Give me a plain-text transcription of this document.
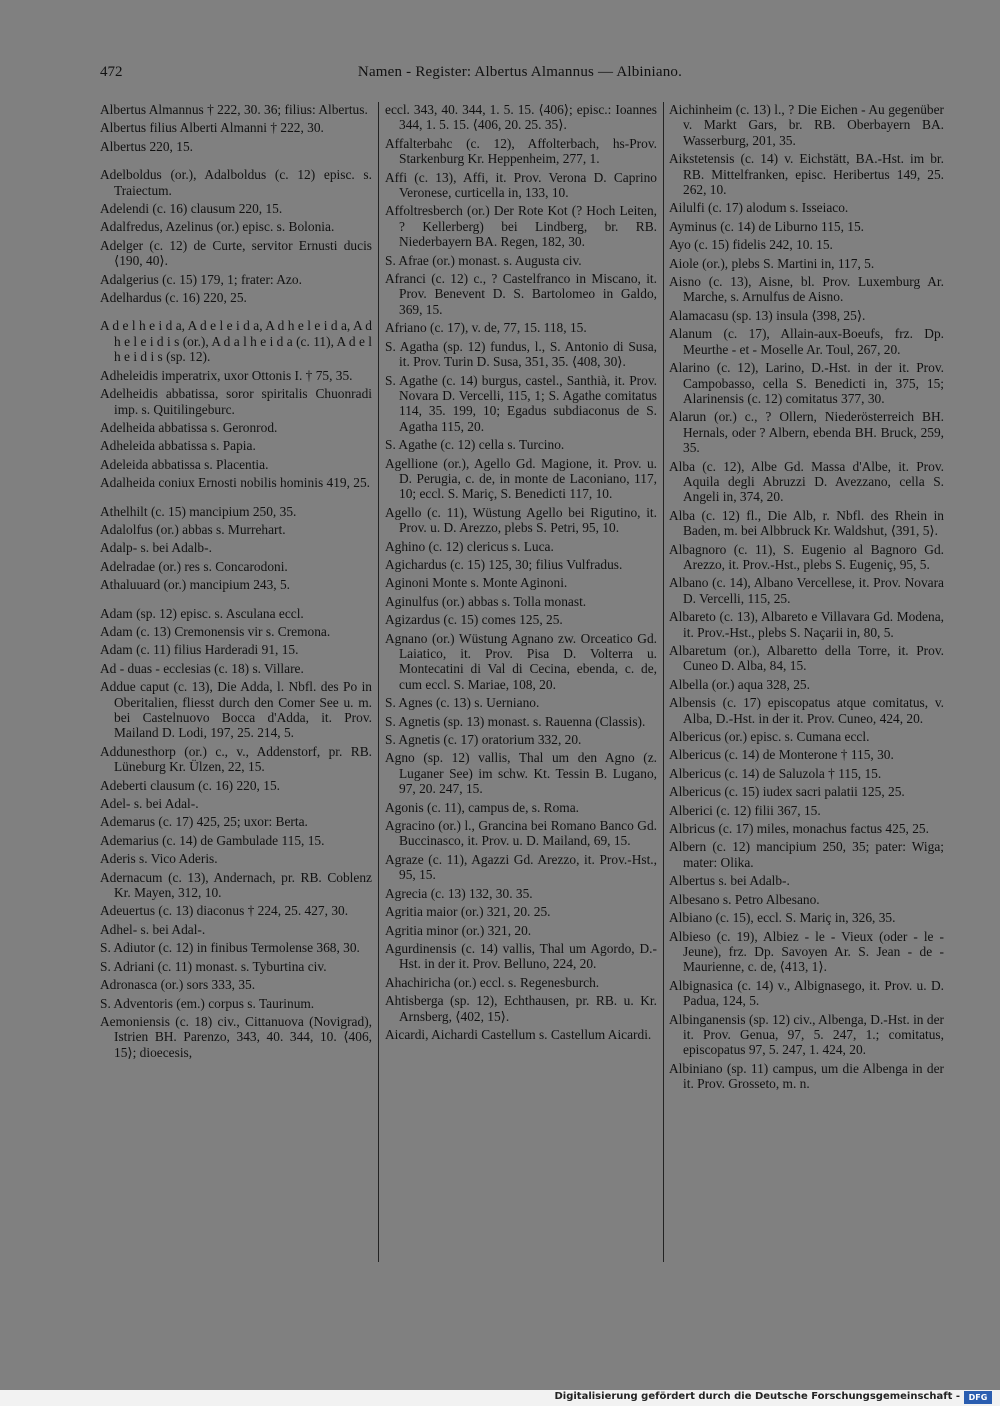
472	Namen - Register: Albertus Almannus — Albiniano.

Albertus Almannus † 222, 30. 36; filius: Albertus.

Albertus filius Alberti Almanni † 222, 30.

Albertus 220, 15.

Adelboldus (or.), Adalboldus (c. 12) episc. s. Traiectum.

Adelendi (c. 16) clausum 220, 15.

Adalfredus, Azelinus (or.) episc. s. Bolonia.

Adelger (c. 12) de Curte, servitor Ernusti ducis ⟨190, 40⟩.

Adalgerius (c. 15) 179, 1; frater: Azo.

Adelhardus (c. 16) 220, 25.

A d e l h e i d a, A d e l e i d a, A d h e l e i d a, A d h e l e i d i s (or.), A d a l h e i d a (c. 11), A d e l h e i d i s (sp. 12).

Adheleidis imperatrix, uxor Ottonis I. † 75, 35.

Adelheidis abbatissa, soror spiritalis Chuonradi imp. s. Quitilingeburc.

Adelheida abbatissa s. Geronrod.

Adheleida abbatissa s. Papia.

Adeleida abbatissa s. Placentia.

Adalheida coniux Ernosti nobilis hominis 419, 25.

Athelhilt (c. 15) mancipium 250, 35.

Adalolfus (or.) abbas s. Murrehart.

Adalp- s. bei Adalb-.

Adelradae (or.) res s. Concarodoni.

Athaluuard (or.) mancipium 243, 5.

Adam (sp. 12) episc. s. Asculana eccl.

Adam (c. 13) Cremonensis vir s. Cremona.

Adam (c. 11) filius Harderadi 91, 15.

Ad - duas - ecclesias (c. 18) s. Villare.

Addue caput (c. 13), Die Adda, l. Nbfl. des Po in Oberitalien, fliesst durch den Comer See u. m. bei Castelnuovo Bocca d'Adda, it. Prov. Mailand D. Lodi, 197, 25. 214, 5.

Addunesthorp (or.) c., v., Addenstorf, pr. RB. Lüneburg Kr. Ülzen, 22, 15.

Adeberti clausum (c. 16) 220, 15.

Adel- s. bei Adal-.

Ademarus (c. 17) 425, 25; uxor: Berta.

Ademarius (c. 14) de Gambulade 115, 15.

Aderis s. Vico Aderis.

Adernacum (c. 13), Andernach, pr. RB. Coblenz Kr. Mayen, 312, 10.

Adeuertus (c. 13) diaconus † 224, 25. 427, 30.

Adhel- s. bei Adal-.

S. Adiutor (c. 12) in finibus Termolense 368, 30.

S. Adriani (c. 11) monast. s. Tyburtina civ.

Adronasca (or.) sors 333, 35.

S. Adventoris (em.) corpus s. Taurinum.

Aemoniensis (c. 18) civ., Cittanuova (Novigrad), Istrien BH. Parenzo, 343, 40. 344, 10. ⟨406, 15⟩; dioecesis,

eccl. 343, 40. 344, 1. 5. 15. ⟨406⟩; episc.: Ioannes 344, 1. 5. 15. ⟨406, 20. 25. 35⟩.

Affalterbahc (c. 12), Affolterbach, hs-Prov. Starkenburg Kr. Heppenheim, 277, 1.

Affi (c. 13), Affi, it. Prov. Verona D. Caprino Veronese, curticella in, 133, 10.

Affoltresberch (or.) Der Rote Kot (? Hoch Leiten, ? Kellerberg) bei Lindberg, br. RB. Niederbayern BA. Regen, 182, 30.

S. Afrae (or.) monast. s. Augusta civ.

Afranci (c. 12) c., ? Castelfranco in Miscano, it. Prov. Benevent D. S. Bartolomeo in Galdo, 369, 15.

Afriano (c. 17), v. de, 77, 15. 118, 15.

S. Agatha (sp. 12) fundus, l., S. Antonio di Susa, it. Prov. Turin D. Susa, 351, 35. ⟨408, 30⟩.

S. Agathe (c. 14) burgus, castel., Santhià, it. Prov. Novara D. Vercelli, 115, 1; S. Agathe comitatus 114, 35. 199, 10; Egadus subdiaconus de S. Agatha 115, 20.

S. Agathe (c. 12) cella s. Turcino.

Agellione (or.), Agello Gd. Magione, it. Prov. u. D. Perugia, c. de, in monte de Laconiano, 117, 10; eccl. S. Mariç, S. Benedicti 117, 10.

Agello (c. 11), Wüstung Agello bei Rigutino, it. Prov. u. D. Arezzo, plebs S. Petri, 95, 10.

Aghino (c. 12) clericus s. Luca.

Agichardus (c. 15) 125, 30; filius Vulfradus.

Aginoni Monte s. Monte Aginoni.

Aginulfus (or.) abbas s. Tolla monast.

Agizardus (c. 15) comes 125, 25.

Agnano (or.) Wüstung Agnano zw. Orceatico Gd. Laiatico, it. Prov. Pisa D. Volterra u. Montecatini di Val di Cecina, ebenda, c. de, cum eccl. S. Mariae, 108, 20.

S. Agnes (c. 13) s. Uerniano.

S. Agnetis (sp. 13) monast. s. Rauenna (Classis).

S. Agnetis (c. 17) oratorium 332, 20.

Agno (sp. 12) vallis, Thal um den Agno (z. Luganer See) im schw. Kt. Tessin B. Lugano, 97, 20. 247, 15.

Agonis (c. 11), campus de, s. Roma.

Agracino (or.) l., Grancina bei Romano Banco Gd. Buccinasco, it. Prov. u. D. Mailand, 69, 15.

Agraze (c. 11), Agazzi Gd. Arezzo, it. Prov.-Hst., 95, 15.

Agrecia (c. 13) 132, 30. 35.

Agritia maior (or.) 321, 20. 25.

Agritia minor (or.) 321, 20.

Agurdinensis (c. 14) vallis, Thal um Agordo, D.-Hst. in der it. Prov. Belluno, 224, 20.

Ahachiricha (or.) eccl. s. Regenesburch.

Ahtisberga (sp. 12), Echthausen, pr. RB. u. Kr. Arnsberg, ⟨402, 15⟩.

Aicardi, Aichardi Castellum s. Castellum Aicardi.

Aichinheim (c. 13) l., ? Die Eichen - Au gegenüber v. Markt Gars, br. RB. Oberbayern BA. Wasserburg, 201, 35.

Aikstetensis (c. 14) v. Eichstätt, BA.-Hst. im br. RB. Mittelfranken, episc. Heribertus 149, 25. 262, 10.

Ailulfi (c. 17) alodum s. Isseiaco.

Ayminus (c. 14) de Liburno 115, 15.

Ayo (c. 15) fidelis 242, 10. 15.

Aiole (or.), plebs S. Martini in, 117, 5.

Aisno (c. 13), Aisne, bl. Prov. Luxemburg Ar. Marche, s. Arnulfus de Aisno.

Alamacasu (sp. 13) insula ⟨398, 25⟩.

Alanum (c. 17), Allain-aux-Boeufs, frz. Dp. Meurthe - et - Moselle Ar. Toul, 267, 20.

Alarino (c. 12), Larino, D.-Hst. in der it. Prov. Campobasso, cella S. Benedicti in, 375, 15; Alarinensis (c. 12) comitatus 377, 30.

Alarun (or.) c., ? Ollern, Niederösterreich BH. Hernals, oder ? Albern, ebenda BH. Bruck, 259, 35.

Alba (c. 12), Albe Gd. Massa d'Albe, it. Prov. Aquila degli Abruzzi D. Avezzano, cella S. Angeli in, 374, 20.

Alba (c. 12) fl., Die Alb, r. Nbfl. des Rhein in Baden, m. bei Albbruck Kr. Waldshut, ⟨391, 5⟩.

Albagnoro (c. 11), S. Eugenio al Bagnoro Gd. Arezzo, it. Prov.-Hst., plebs S. Eugeniç, 95, 5.

Albano (c. 14), Albano Vercellese, it. Prov. Novara D. Vercelli, 115, 25.

Albareto (c. 13), Albareto e Villavara Gd. Modena, it. Prov.-Hst., plebs S. Naçarii in, 80, 5.

Albaretum (or.), Albaretto della Torre, it. Prov. Cuneo D. Alba, 84, 15.

Albella (or.) aqua 328, 25.

Albensis (c. 17) episcopatus atque comitatus, v. Alba, D.-Hst. in der it. Prov. Cuneo, 424, 20.

Albericus (or.) episc. s. Cumana eccl.

Albericus (c. 14) de Monterone † 115, 30.

Albericus (c. 14) de Saluzola † 115, 15.

Albericus (c. 15) iudex sacri palatii 125, 25.

Alberici (c. 12) filii 367, 15.

Albricus (c. 17) miles, monachus factus 425, 25.

Albern (c. 12) mancipium 250, 35; pater: Wiga; mater: Olika.

Albertus s. bei Adalb-.

Albesano s. Petro Albesano.

Albiano (c. 15), eccl. S. Mariç in, 326, 35.

Albieso (c. 19), Albiez - le - Vieux (oder - le - Jeune), frz. Dp. Savoyen Ar. S. Jean - de - Maurienne, c. de, ⟨413, 1⟩.

Albignasica (c. 14) v., Albignasego, it. Prov. u. D. Padua, 124, 5.

Albinganensis (sp. 12) civ., Albenga, D.-Hst. in der it. Prov. Genua, 97, 5. 247, 1.; comitatus, episcopatus 97, 5. 247, 1. 424, 20.

Albiniano (sp. 11) campus, um die Albenga in der it. Prov. Grosseto, m. n.

Digitalisierung gefördert durch die Deutsche Forschungsgemeinschaft -	DFG
